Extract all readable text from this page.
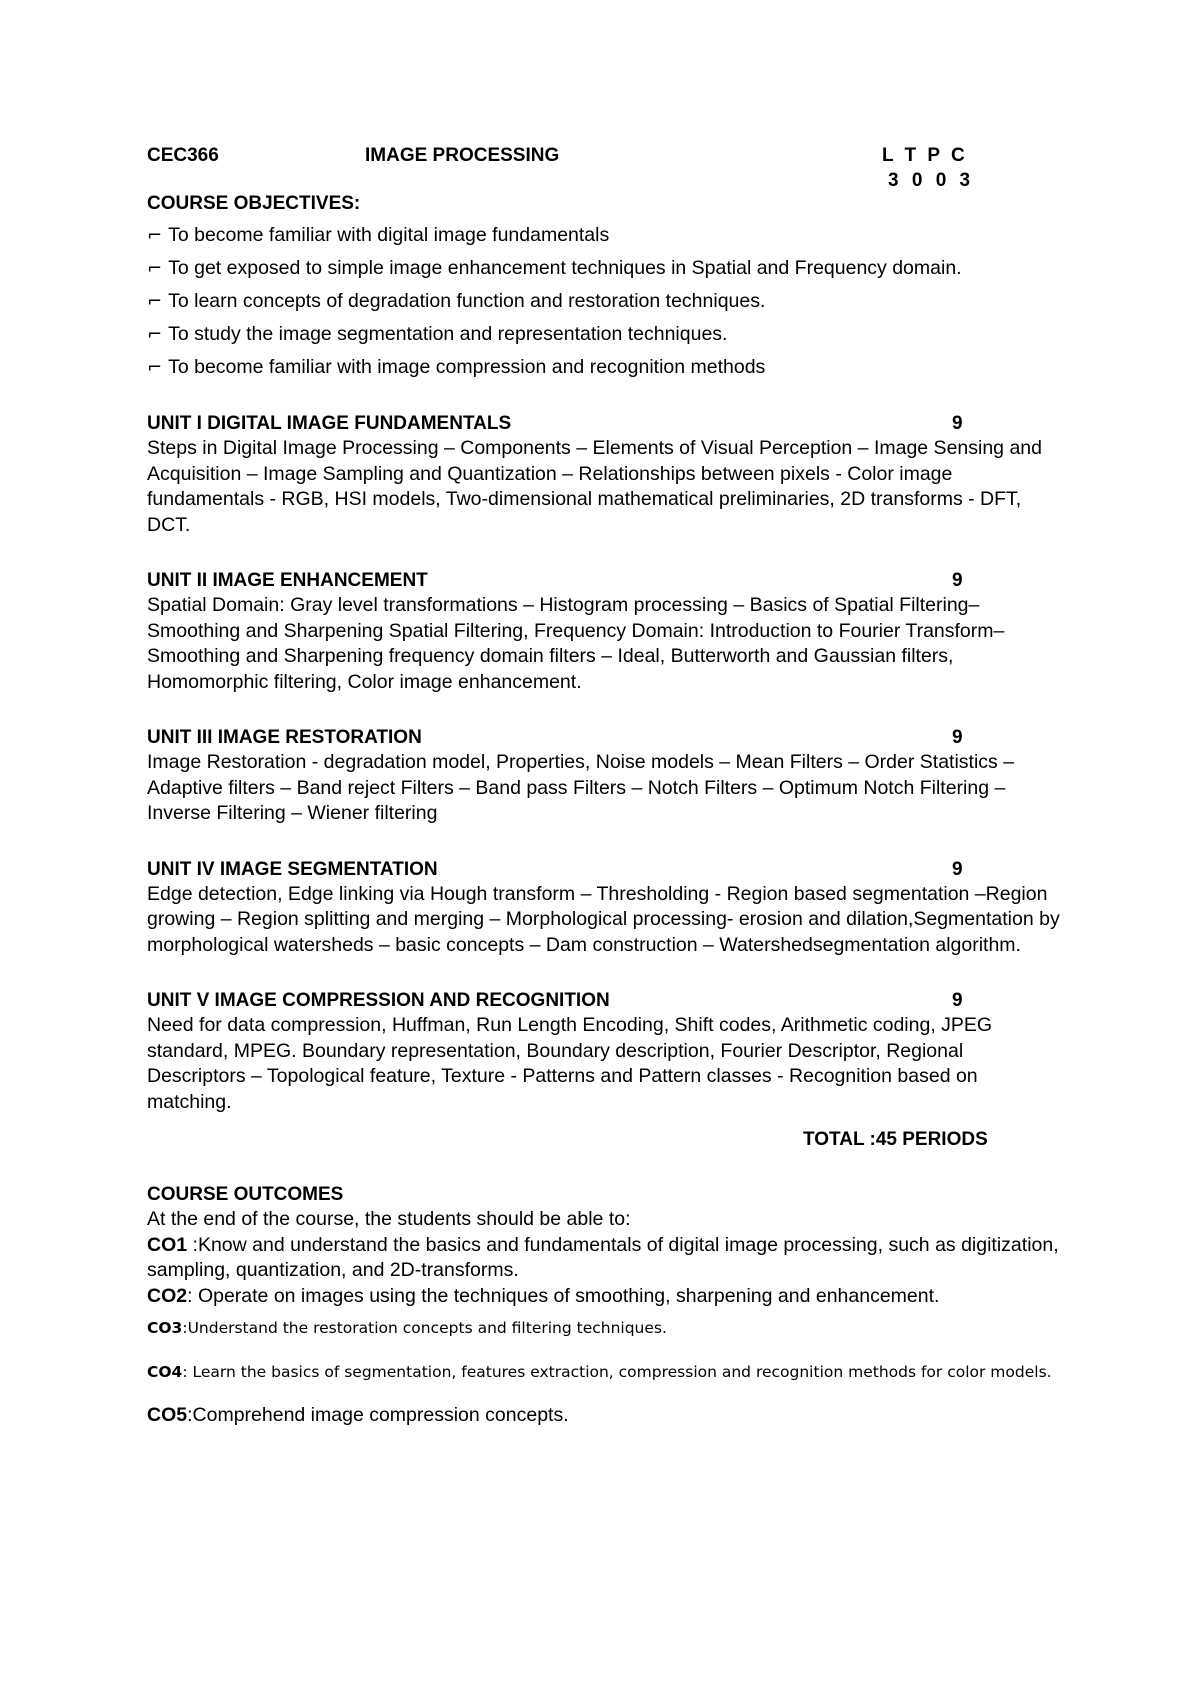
CEC366	IMAGE PROCESSING	L T P C
3 0 0 3
COURSE OBJECTIVES:
⌐ To become familiar with digital image fundamentals
⌐ To get exposed to simple image enhancement techniques in Spatial and Frequency domain.
⌐ To learn concepts of degradation function and restoration techniques.
⌐ To study the image segmentation and representation techniques.
⌐ To become familiar with image compression and recognition methods
UNIT I DIGITAL IMAGE FUNDAMENTALS	9
Steps in Digital Image Processing – Components – Elements of Visual Perception – Image Sensing and Acquisition – Image Sampling and Quantization – Relationships between pixels - Color image fundamentals - RGB, HSI models, Two-dimensional mathematical preliminaries, 2D transforms - DFT, DCT.
UNIT II IMAGE ENHANCEMENT	9
Spatial Domain: Gray level transformations – Histogram processing – Basics of Spatial Filtering–Smoothing and Sharpening Spatial Filtering, Frequency Domain: Introduction to Fourier Transform– Smoothing and Sharpening frequency domain filters – Ideal, Butterworth and Gaussian filters, Homomorphic filtering, Color image enhancement.
UNIT III IMAGE RESTORATION	9
Image Restoration - degradation model, Properties, Noise models – Mean Filters – Order Statistics – Adaptive filters – Band reject Filters – Band pass Filters – Notch Filters – Optimum Notch Filtering – Inverse Filtering – Wiener filtering
UNIT IV IMAGE SEGMENTATION	9
Edge detection, Edge linking via Hough transform – Thresholding - Region based segmentation –Region growing – Region splitting and merging – Morphological processing- erosion and dilation,Segmentation by morphological watersheds – basic concepts – Dam construction – Watershedsegmentation algorithm.
UNIT V IMAGE COMPRESSION AND RECOGNITION	9
Need for data compression, Huffman, Run Length Encoding, Shift codes, Arithmetic coding, JPEG standard, MPEG. Boundary representation, Boundary description, Fourier Descriptor, Regional Descriptors – Topological feature, Texture - Patterns and Pattern classes - Recognition based on matching.
TOTAL :45 PERIODS
COURSE OUTCOMES
At the end of the course, the students should be able to:
CO1 :Know and understand the basics and fundamentals of digital image processing, such as digitization, sampling, quantization, and 2D-transforms.
CO2: Operate on images using the techniques of smoothing, sharpening and enhancement.
CO3:Understand the restoration concepts and filtering techniques.
CO4: Learn the basics of segmentation, features extraction, compression and recognition methods for color models.
CO5:Comprehend image compression concepts.
